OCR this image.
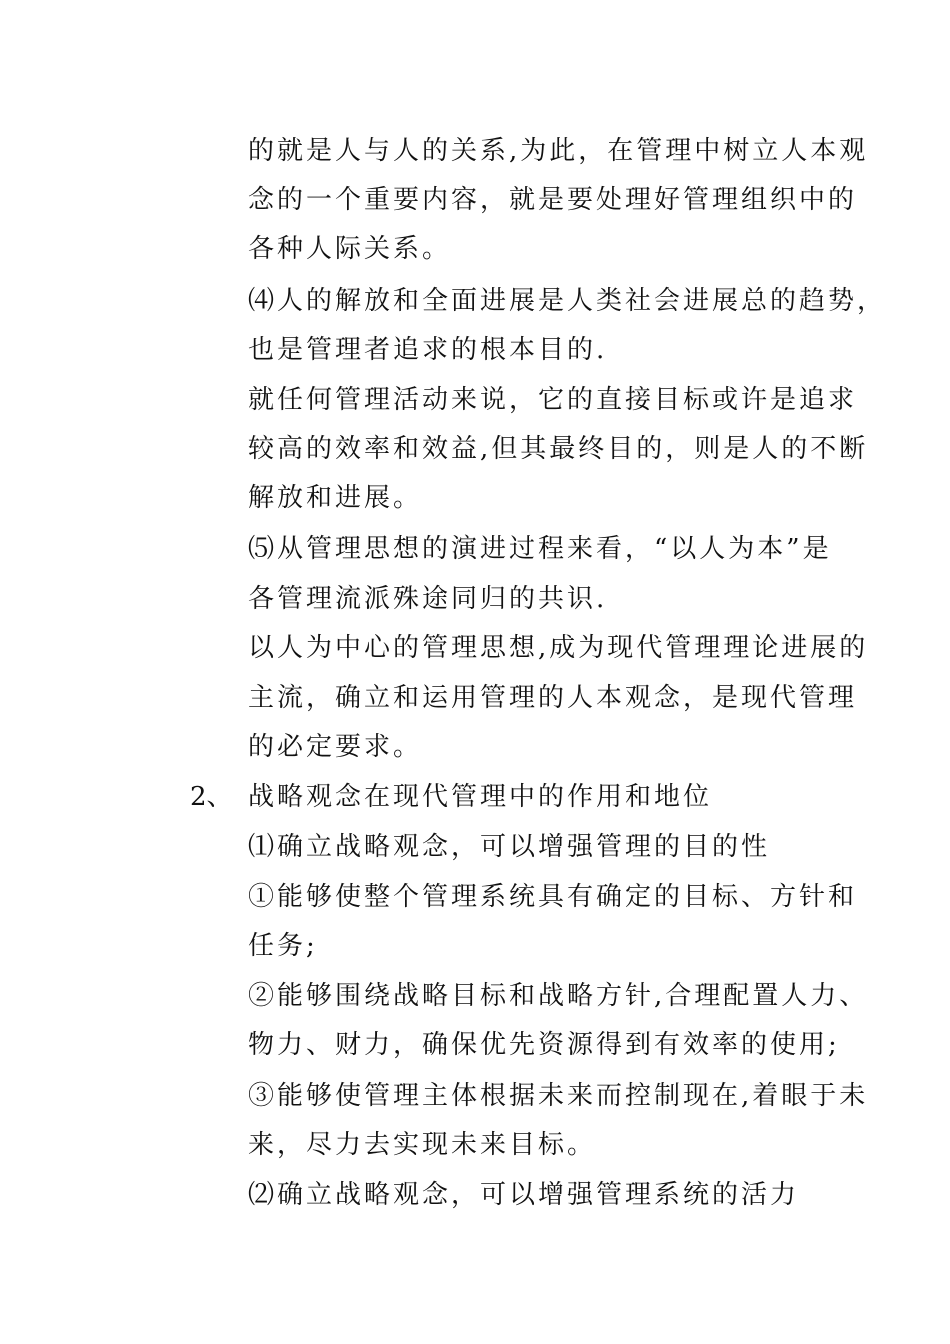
的就是人与人的关系,为此，在管理中树立人本观
念的一个重要内容，就是要处理好管理组织中的
各种人际关系。
⑷人的解放和全面进展是人类社会进展总的趋势，
也是管理者追求的根本目的.
就任何管理活动来说，它的直接目标或许是追求
较高的效率和效益,但其最终目的，则是人的不断
解放和进展。
⑸从管理思想的演进过程来看，“以人为本”是
各管理流派殊途同归的共识.
以人为中心的管理思想,成为现代管理理论进展的
主流，确立和运用管理的人本观念，是现代管理
的必定要求。
2、 战略观念在现代管理中的作用和地位
⑴确立战略观念，可以增强管理的目的性
①能够使整个管理系统具有确定的目标、方针和
任务;
②能够围绕战略目标和战略方针,合理配置人力、
物力、财力，确保优先资源得到有效率的使用;
③能够使管理主体根据未来而控制现在,着眼于未
来，尽力去实现未来目标。
⑵确立战略观念，可以增强管理系统的活力
